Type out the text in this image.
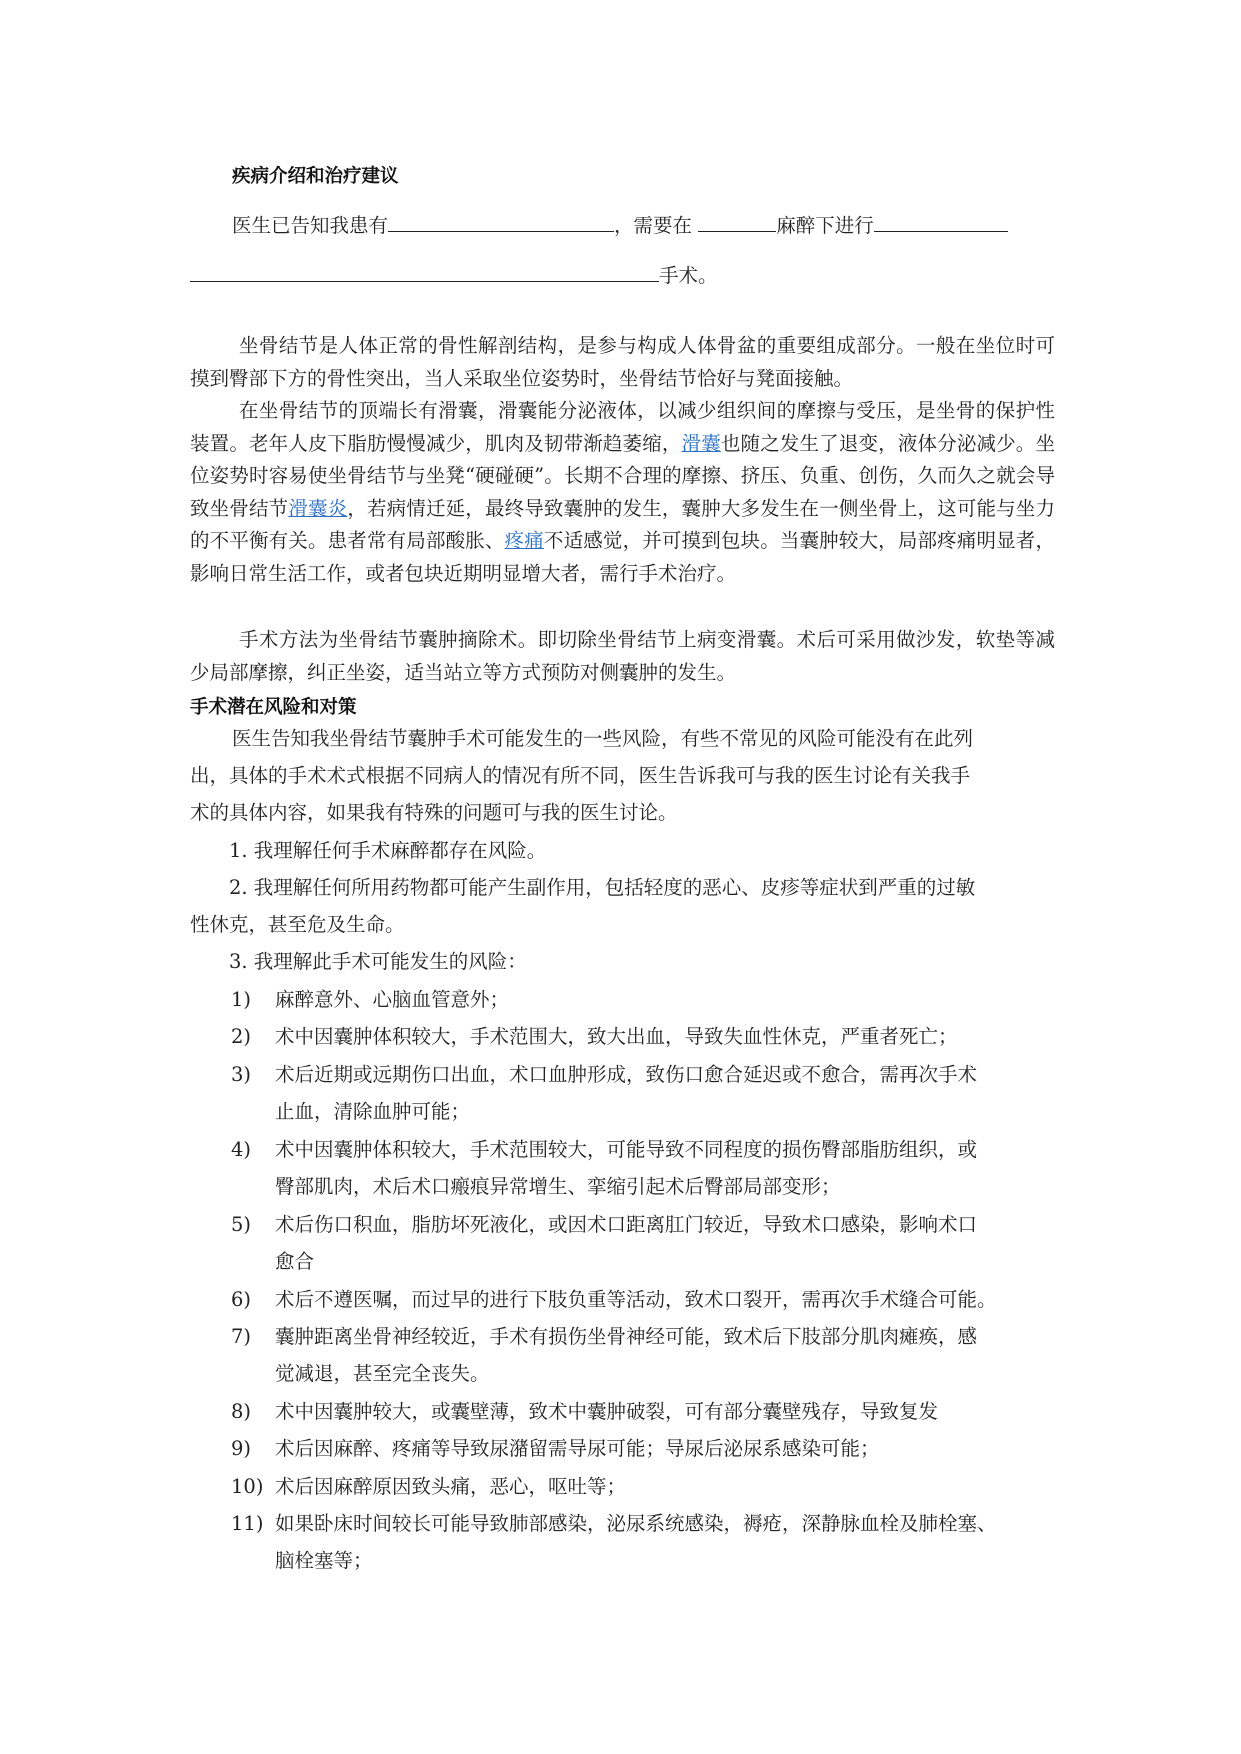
疾病介绍和治疗建议
医生已告知我患有	，需要在	麻醉下进行
手术。
坐骨结节是人体正常的骨性解剖结构，是参与构成人体骨盆的重要组成部分。一般在坐位时可摸到臀部下方的骨性突出，当人采取坐位姿势时，坐骨结节恰好与凳面接触。
在坐骨结节的顶端长有滑囊，滑囊能分泌液体，以减少组织间的摩擦与受压，是坐骨的保护性装置。老年人皮下脂肪慢慢减少，肌肉及韧带渐趋萎缩，滑囊也随之发生了退变，液体分泌减少。坐位姿势时容易使坐骨结节与坐凳“硬碰硬”。长期不合理的摩擦、挤压、负重、创伤，久而久之就会导致坐骨结节滑囊炎，若病情迁延，最终导致囊肿的发生，囊肿大多发生在一侧坐骨上，这可能与坐力的不平衡有关。患者常有局部酸胀、疼痛不适感觉，并可摸到包块。当囊肿较大，局部疼痛明显者，影响日常生活工作，或者包块近期明显增大者，需行手术治疗。
手术方法为坐骨结节囊肿摘除术。即切除坐骨结节上病变滑囊。术后可采用做沙发，软垫等减少局部摩擦，纠正坐姿，适当站立等方式预防对侧囊肿的发生。
手术潜在风险和对策
医生告知我坐骨结节囊肿手术可能发生的一些风险，有些不常见的风险可能没有在此列
出，具体的手术术式根据不同病人的情况有所不同，医生告诉我可与我的医生讨论有关我手
术的具体内容，如果我有特殊的问题可与我的医生讨论。
1. 我理解任何手术麻醉都存在风险。
2. 我理解任何所用药物都可能产生副作用，包括轻度的恶心、皮疹等症状到严重的过敏
性休克，甚至危及生命。
3. 我理解此手术可能发生的风险：
1) 麻醉意外、心脑血管意外；
2) 术中因囊肿体积较大，手术范围大，致大出血，导致失血性休克，严重者死亡；
3) 术后近期或远期伤口出血，术口血肿形成，致伤口愈合延迟或不愈合，需再次手术
止血，清除血肿可能；
4) 术中因囊肿体积较大，手术范围较大，可能导致不同程度的损伤臀部脂肪组织，或
臀部肌肉，术后术口瘢痕异常增生、挛缩引起术后臀部局部变形；
5) 术后伤口积血，脂肪坏死液化，或因术口距离肛门较近，导致术口感染，影响术口
愈合
6) 术后不遵医嘱，而过早的进行下肢负重等活动，致术口裂开，需再次手术缝合可能。
7) 囊肿距离坐骨神经较近，手术有损伤坐骨神经可能，致术后下肢部分肌肉瘫痪，感
觉减退，甚至完全丧失。
8) 术中因囊肿较大，或囊壁薄，致术中囊肿破裂，可有部分囊壁残存，导致复发
9) 术后因麻醉、疼痛等导致尿潴留需导尿可能；导尿后泌尿系感染可能；
10) 术后因麻醉原因致头痛，恶心，呕吐等；
11) 如果卧床时间较长可能导致肺部感染，泌尿系统感染，褥疮，深静脉血栓及肺栓塞、
脑栓塞等；
